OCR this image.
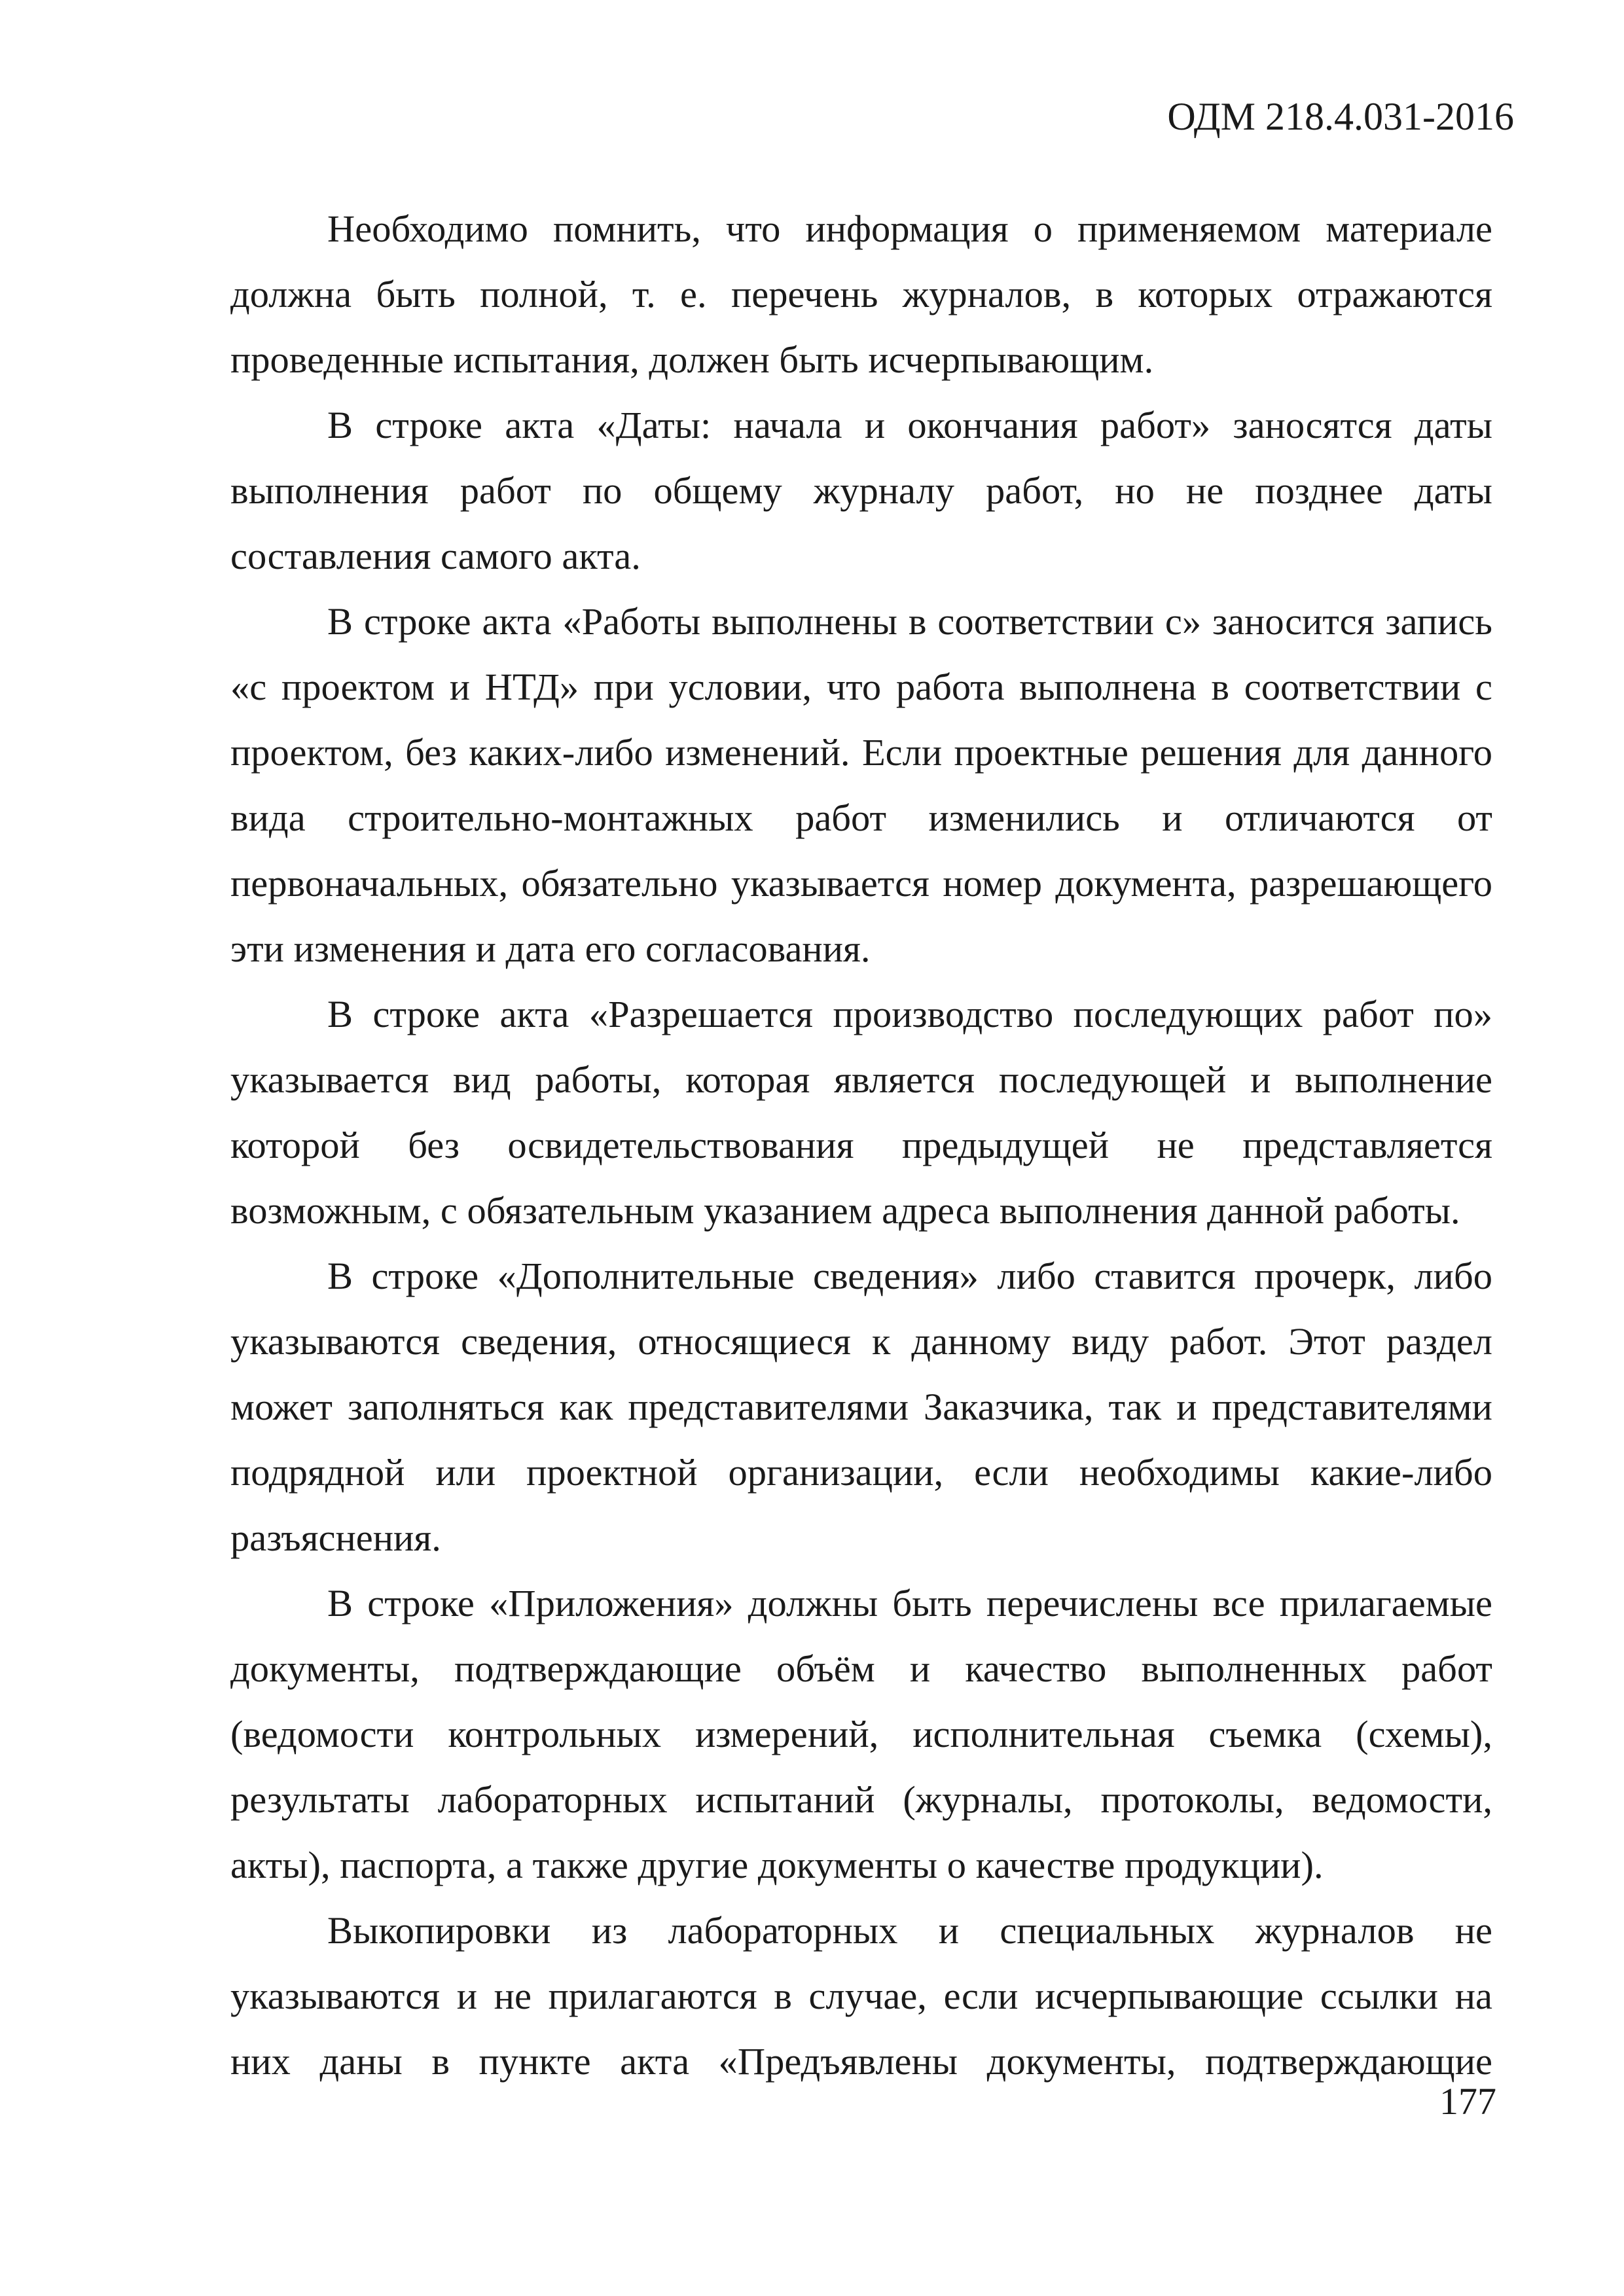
ОДМ 218.4.031-2016

Необходимо помнить, что информация о применяемом материале должна быть полной, т. е. перечень журналов, в которых отражаются проведенные испытания, должен быть исчерпывающим.

В строке акта «Даты: начала и окончания работ» заносятся даты выполнения работ по общему журналу работ, но не позднее даты составления самого акта.

В строке акта «Работы выполнены в соответствии с» заносится запись «с проектом и НТД» при условии, что работа выполнена в соответствии с проектом, без каких-либо изменений. Если проектные решения для данного вида строительно-монтажных работ изменились и отличаются от первоначальных, обязательно указывается номер документа, разрешающего эти изменения и дата его согласования.

В строке акта «Разрешается производство последующих работ по» указывается вид работы, которая является последующей и выполнение которой без освидетельствования предыдущей не представляется возможным, с обязательным указанием адреса выполнения данной работы.

В строке «Дополнительные сведения» либо ставится прочерк, либо указываются сведения, относящиеся к данному виду работ. Этот раздел может заполняться как представителями Заказчика, так и представителями подрядной или проектной организации, если необходимы какие-либо разъяснения.

В строке «Приложения» должны быть перечислены все прилагаемые документы, подтверждающие объём и качество выполненных работ (ведомости контрольных измерений, исполнительная съемка (схемы), результаты лабораторных испытаний (журналы, протоколы, ведомости, акты), паспорта, а также другие документы о качестве продукции).

Выкопировки из лабораторных и специальных журналов не указываются и не прилагаются в случае, если исчерпывающие ссылки на них даны в пункте акта «Предъявлены документы, подтверждающие

177
